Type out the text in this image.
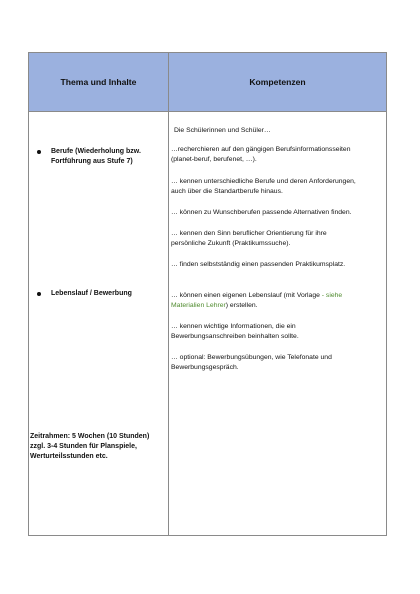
Thema und Inhalte	Kompetenzen
Berufe (Wiederholung bzw.
Fortführung aus Stufe 7)
Lebenslauf / Bewerbung
Zeitrahmen: 5 Wochen (10 Stunden)
zzgl. 3-4 Stunden für Planspiele,
Werturteilsstunden etc.
Die Schülerinnen und Schüler…
…recherchieren auf den gängigen Berufsinformationsseiten
(planet-beruf, berufenet, …).
… kennen unterschiedliche Berufe und deren Anforderungen,
auch über die Standartberufe hinaus.
… können zu Wunschberufen passende Alternativen finden.
… kennen den Sinn beruflicher Orientierung für ihre
persönliche Zukunft (Praktikumssuche).
… finden selbstständig einen passenden Praktikumsplatz.
… können einen eigenen Lebenslauf (mit Vorlage - siehe
Materialien Lehrer) erstellen.
… kennen wichtige Informationen, die ein
Bewerbungsanschreiben beinhalten sollte.
… optional: Bewerbungsübungen, wie Telefonate und
Bewerbungsgespräch.
